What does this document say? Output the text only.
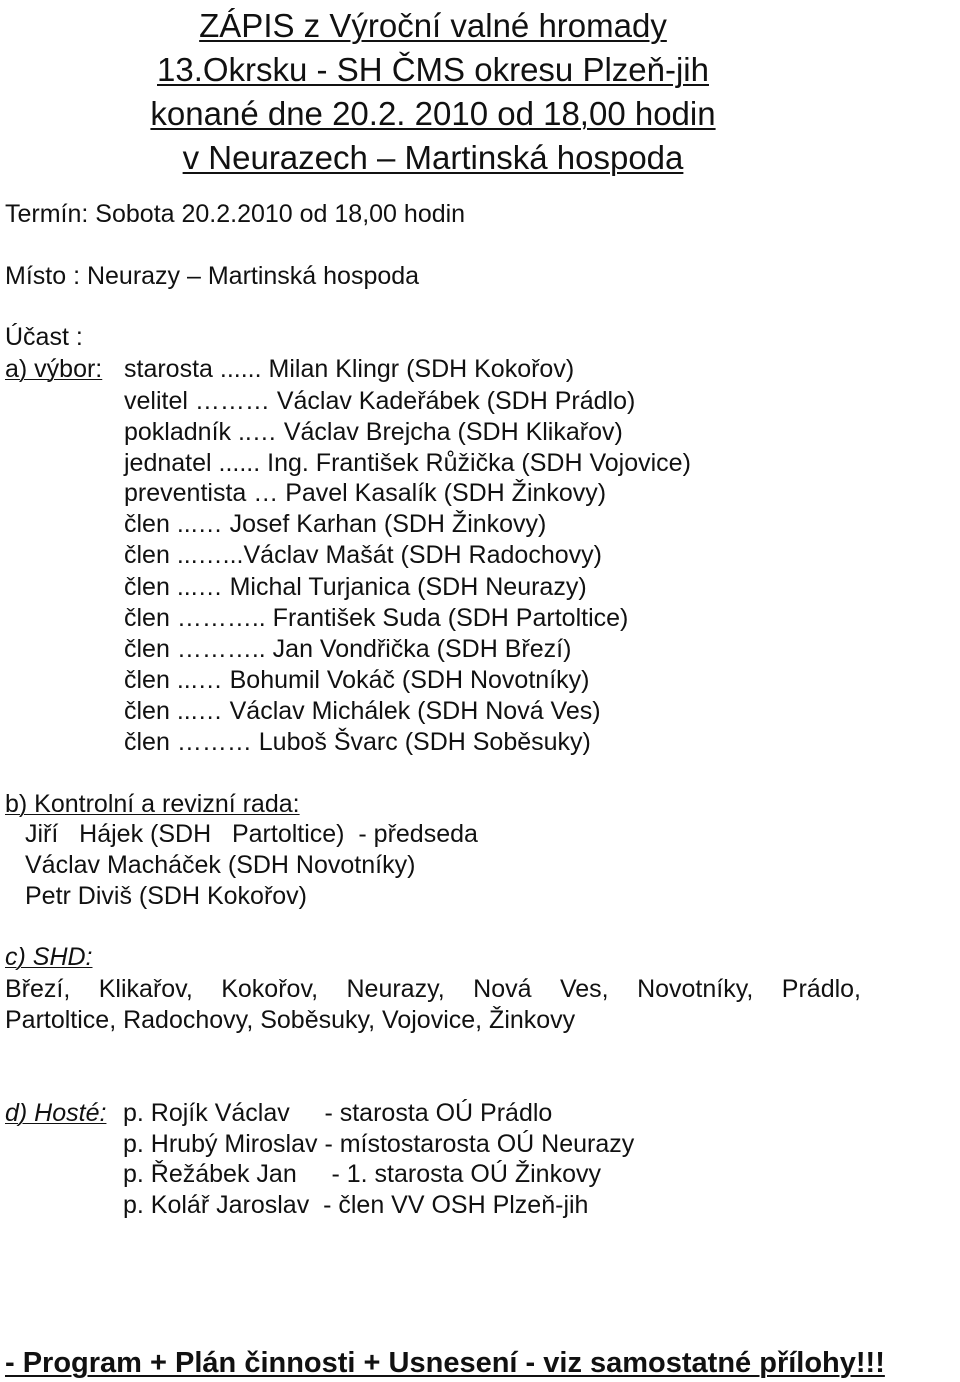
ZÁPIS z Výroční valné hromady
13.Okrsku - SH ČMS okresu Plzeň-jih
konané dne 20.2. 2010 od 18,00 hodin
v Neurazech – Martinská hospoda
Termín: Sobota 20.2.2010 od 18,00 hodin
Místo : Neurazy – Martinská hospoda
Účast :
a) výbor: starosta ...... Milan Klingr (SDH Kokořov)
velitel ……… Václav Kadeřábek (SDH Prádlo)
pokladník ..… Václav Brejcha (SDH Klikařov)
jednatel ...... Ing. František Růžička (SDH Vojovice)
preventista … Pavel Kasalík (SDH Žinkovy)
člen ...… Josef Karhan (SDH Žinkovy)
člen ...…...Václav Mašát (SDH Radochovy)
člen ...… Michal Turjanica (SDH Neurazy)
člen ……….. František Suda (SDH Partoltice)
člen ……….. Jan Vondřička (SDH Březí)
člen ...… Bohumil Vokáč (SDH Novotníky)
člen ...… Václav Michálek (SDH Nová Ves)
člen ……… Luboš Švarc (SDH Soběsuky)
b) Kontrolní a revizní rada:
Jiří   Hájek (SDH   Partoltice)  - předseda
Václav Macháček (SDH Novotníky)
Petr Diviš (SDH Kokořov)
c) SHD:
Březí, Klikařov, Kokořov, Neurazy, Nová Ves, Novotníky, Prádlo,
Partoltice, Radochovy, Soběsuky, Vojovice, Žinkovy
d) Hosté: p. Rojík Václav     - starosta OÚ Prádlo
p. Hrubý Miroslav - místostarosta OÚ Neurazy
p. Řežábek Jan     - 1. starosta OÚ Žinkovy
p. Kolář Jaroslav  - člen VV OSH Plzeň-jih
- Program + Plán činnosti + Usnesení - viz samostatné přílohy!!!
